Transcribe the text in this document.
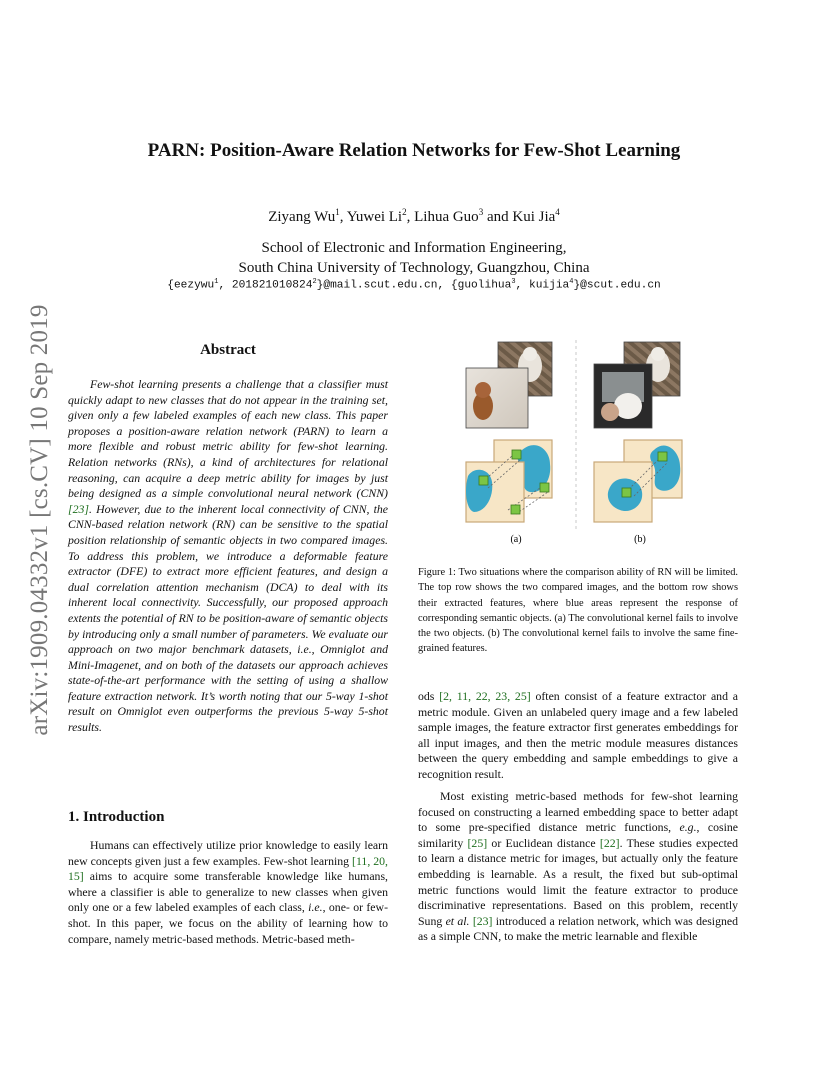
arXiv:1909.04332v1 [cs.CV] 10 Sep 2019
PARN: Position-Aware Relation Networks for Few-Shot Learning
Ziyang Wu$^1$, Yuwei Li$^2$, Lihua Guo$^3$ and Kui Jia$^4$
School of Electronic and Information Engineering,
South China University of Technology, Guangzhou, China
{eezywu$^1$, 201821010824$^2$}@mail.scut.edu.cn, {guolihua$^3$, kuijia$^4$}@scut.edu.cn
Abstract
Few-shot learning presents a challenge that a classifier must quickly adapt to new classes that do not appear in the training set, given only a few labeled examples of each new class. This paper proposes a position-aware relation network (PARN) to learn a more flexible and robust metric ability for few-shot learning. Relation networks (RNs), a kind of architectures for relational reasoning, can acquire a deep metric ability for images by just being designed as a simple convolutional neural network (CNN) [23]. However, due to the inherent local connectivity of CNN, the CNN-based relation network (RN) can be sensitive to the spatial position relationship of semantic objects in two compared images. To address this problem, we introduce a deformable feature extractor (DFE) to extract more efficient features, and design a dual correlation attention mechanism (DCA) to deal with its inherent local connectivity. Successfully, our proposed approach extents the potential of RN to be position-aware of semantic objects by introducing only a small number of parameters. We evaluate our approach on two major benchmark datasets, i.e., Omniglot and Mini-Imagenet, and on both of the datasets our approach achieves state-of-the-art performance with the setting of using a shallow feature extraction network. It’s worth noting that our 5-way 1-shot result on Omniglot even outperforms the previous 5-way 5-shot results.
1. Introduction
Humans can effectively utilize prior knowledge to easily learn new concepts given just a few examples. Few-shot learning [11, 20, 15] aims to acquire some transferable knowledge like humans, where a classifier is able to generalize to new classes when given only one or a few labeled examples of each class, i.e., one- or few-shot. In this paper, we focus on the ability of learning how to compare, namely metric-based methods. Metric-based meth-
(a)	(b)
Figure 1: Two situations where the comparison ability of RN will be limited. The top row shows the two compared images, and the bottom row shows their extracted features, where blue areas represent the response of corresponding semantic objects. (a) The convolutional kernel fails to involve the two objects. (b) The convolutional kernel fails to involve the same fine-grained features.
ods [2, 11, 22, 23, 25] often consist of a feature extractor and a metric module. Given an unlabeled query image and a few labeled sample images, the feature extractor first generates embeddings for all input images, and then the metric module measures distances between the query embedding and sample embeddings to give a recognition result.
Most existing metric-based methods for few-shot learning focused on constructing a learned embedding space to better adapt to some pre-specified distance metric functions, e.g., cosine similarity [25] or Euclidean distance [22]. These studies expected to learn a distance metric for images, but actually only the feature embedding is learnable. As a result, the fixed but sub-optimal metric functions would limit the feature extractor to produce discriminative representations. Based on this problem, recently Sung et al. [23] introduced a relation network, which was designed as a simple CNN, to make the metric learnable and flexible
